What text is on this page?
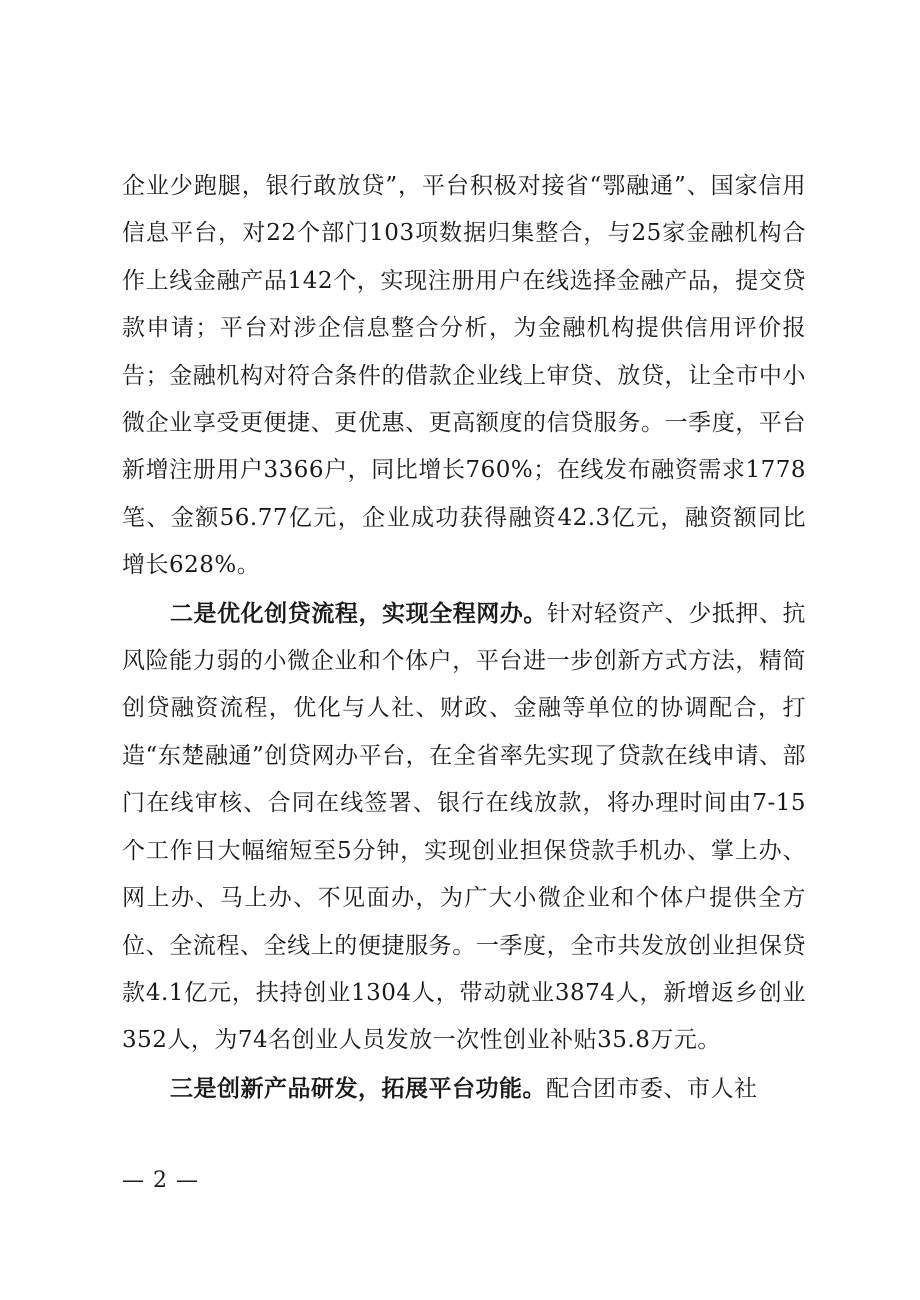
企业少跑腿，银行敢放贷”，平台积极对接省“鄂融通”、国家信用信息平台，对22个部门103项数据归集整合，与25家金融机构合作上线金融产品142个，实现注册用户在线选择金融产品，提交贷款申请；平台对涉企信息整合分析，为金融机构提供信用评价报告；金融机构对符合条件的借款企业线上审贷、放贷，让全市中小微企业享受更便捷、更优惠、更高额度的信贷服务。一季度，平台新增注册用户3366户，同比增长760%；在线发布融资需求1778笔、金额56.77亿元，企业成功获得融资42.3亿元，融资额同比增长628%。

二是优化创贷流程，实现全程网办。针对轻资产、少抵押、抗风险能力弱的小微企业和个体户，平台进一步创新方式方法，精简创贷融资流程，优化与人社、财政、金融等单位的协调配合，打造“东楚融通”创贷网办平台，在全省率先实现了贷款在线申请、部门在线审核、合同在线签署、银行在线放款，将办理时间由7-15个工作日大幅缩短至5分钟，实现创业担保贷款手机办、掌上办、网上办、马上办、不见面办，为广大小微企业和个体户提供全方位、全流程、全线上的便捷服务。一季度，全市共发放创业担保贷款4.1亿元，扶持创业1304人，带动就业3874人，新增返乡创业352人，为74名创业人员发放一次性创业补贴35.8万元。

三是创新产品研发，拓展平台功能。配合团市委、市人社

— 2 —
